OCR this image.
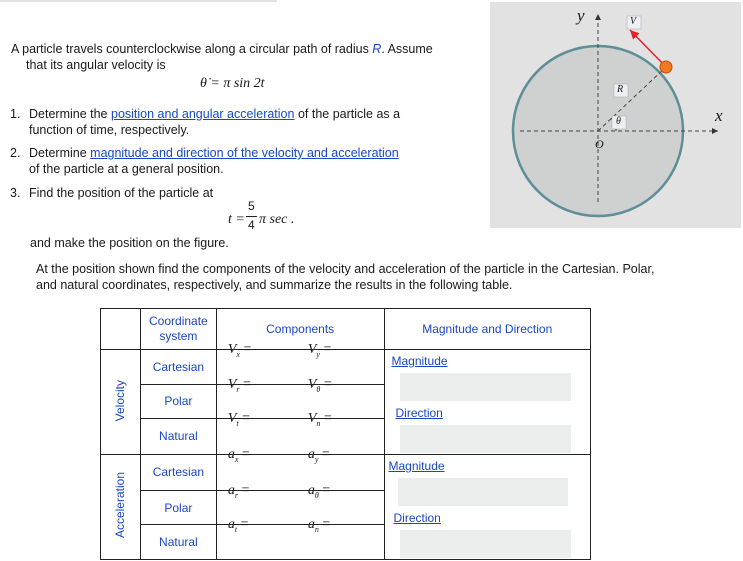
A particle travels counterclockwise along a circular path of radius R. Assume
that its angular velocity is
θ̇ = π sin 2t
1. Determine the position and angular acceleration of the particle as a
function of time, respectively.
2. Determine magnitude and direction of the velocity and acceleration
of the particle at a general position.
3. Find the position of the particle at
t =
5
4 π sec .
and make the position on the figure.
At the position shown find the components of the velocity and acceleration of the particle in the Cartesian. Polar,
and natural coordinates, respectively, and summarize the results in the following table.
y
x
O
R
θ
V

	Coordinate
system	Components	Magnitude and Direction
Velocity	Cartesian	$V_x = V_y$ =	Magnitude
Direction

	Polar	$V_r = V_\theta$ =	

	Natural	$V_t = V_n$ =	

Acceleration	Cartesian	$a_x = a_y$ =	Magnitude
Direction

	Polar	$a_r = a_\theta$ =	

	Natural	$a_t = a_n$ =	
